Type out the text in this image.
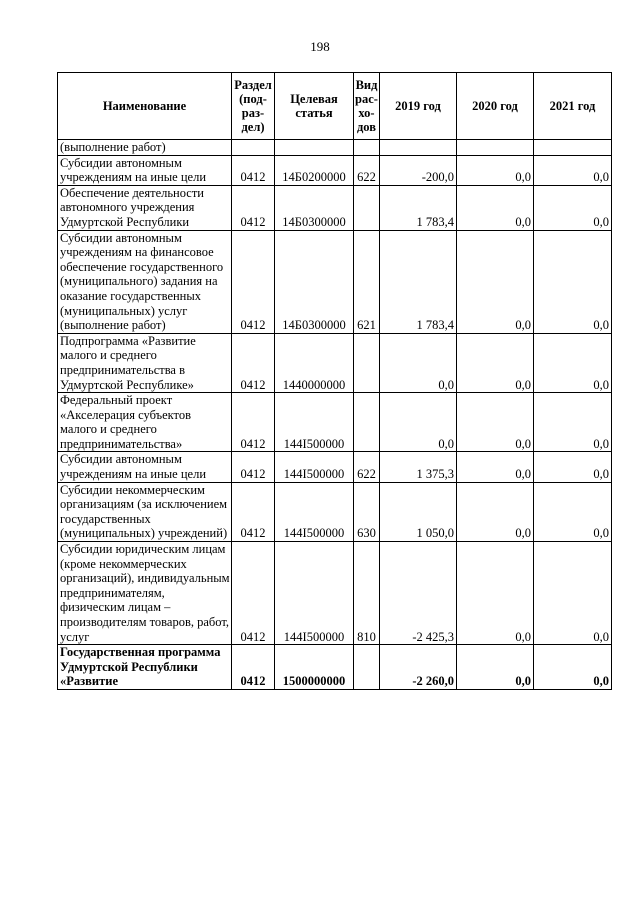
198
Наименование	Раздел (под-раз-дел)	Целевая статья	Вид рас-хо-дов	2019 год	2020 год	2021 год
(выполнение работ)						
Субсидии автономным учреждениям на иные цели	0412	14Б0200000	622	-200,0	0,0	0,0
Обеспечение деятельности автономного учреждения Удмуртской Республики	0412	14Б0300000		1 783,4	0,0	0,0
Субсидии автономным учреждениям на финансовое обеспечение государственного (муниципального) задания на оказание государственных (муниципальных) услуг (выполнение работ)	0412	14Б0300000	621	1 783,4	0,0	0,0
Подпрограмма «Развитие малого и среднего предпринимательства в Удмуртской Республике»	0412	1440000000		0,0	0,0	0,0
Федеральный проект «Акселерация субъектов малого и среднего предпринимательства»	0412	144I500000		0,0	0,0	0,0
Субсидии автономным учреждениям на иные цели	0412	144I500000	622	1 375,3	0,0	0,0
Субсидии некоммерческим организациям (за исключением государственных (муниципальных) учреждений)	0412	144I500000	630	1 050,0	0,0	0,0
Субсидии юридическим лицам (кроме некоммерческих организаций), индивидуальным предпринимателям, физическим лицам – производителям товаров, работ, услуг	0412	144I500000	810	-2 425,3	0,0	0,0
Государственная программа Удмуртской Республики «Развитие	0412	1500000000		-2 260,0	0,0	0,0
